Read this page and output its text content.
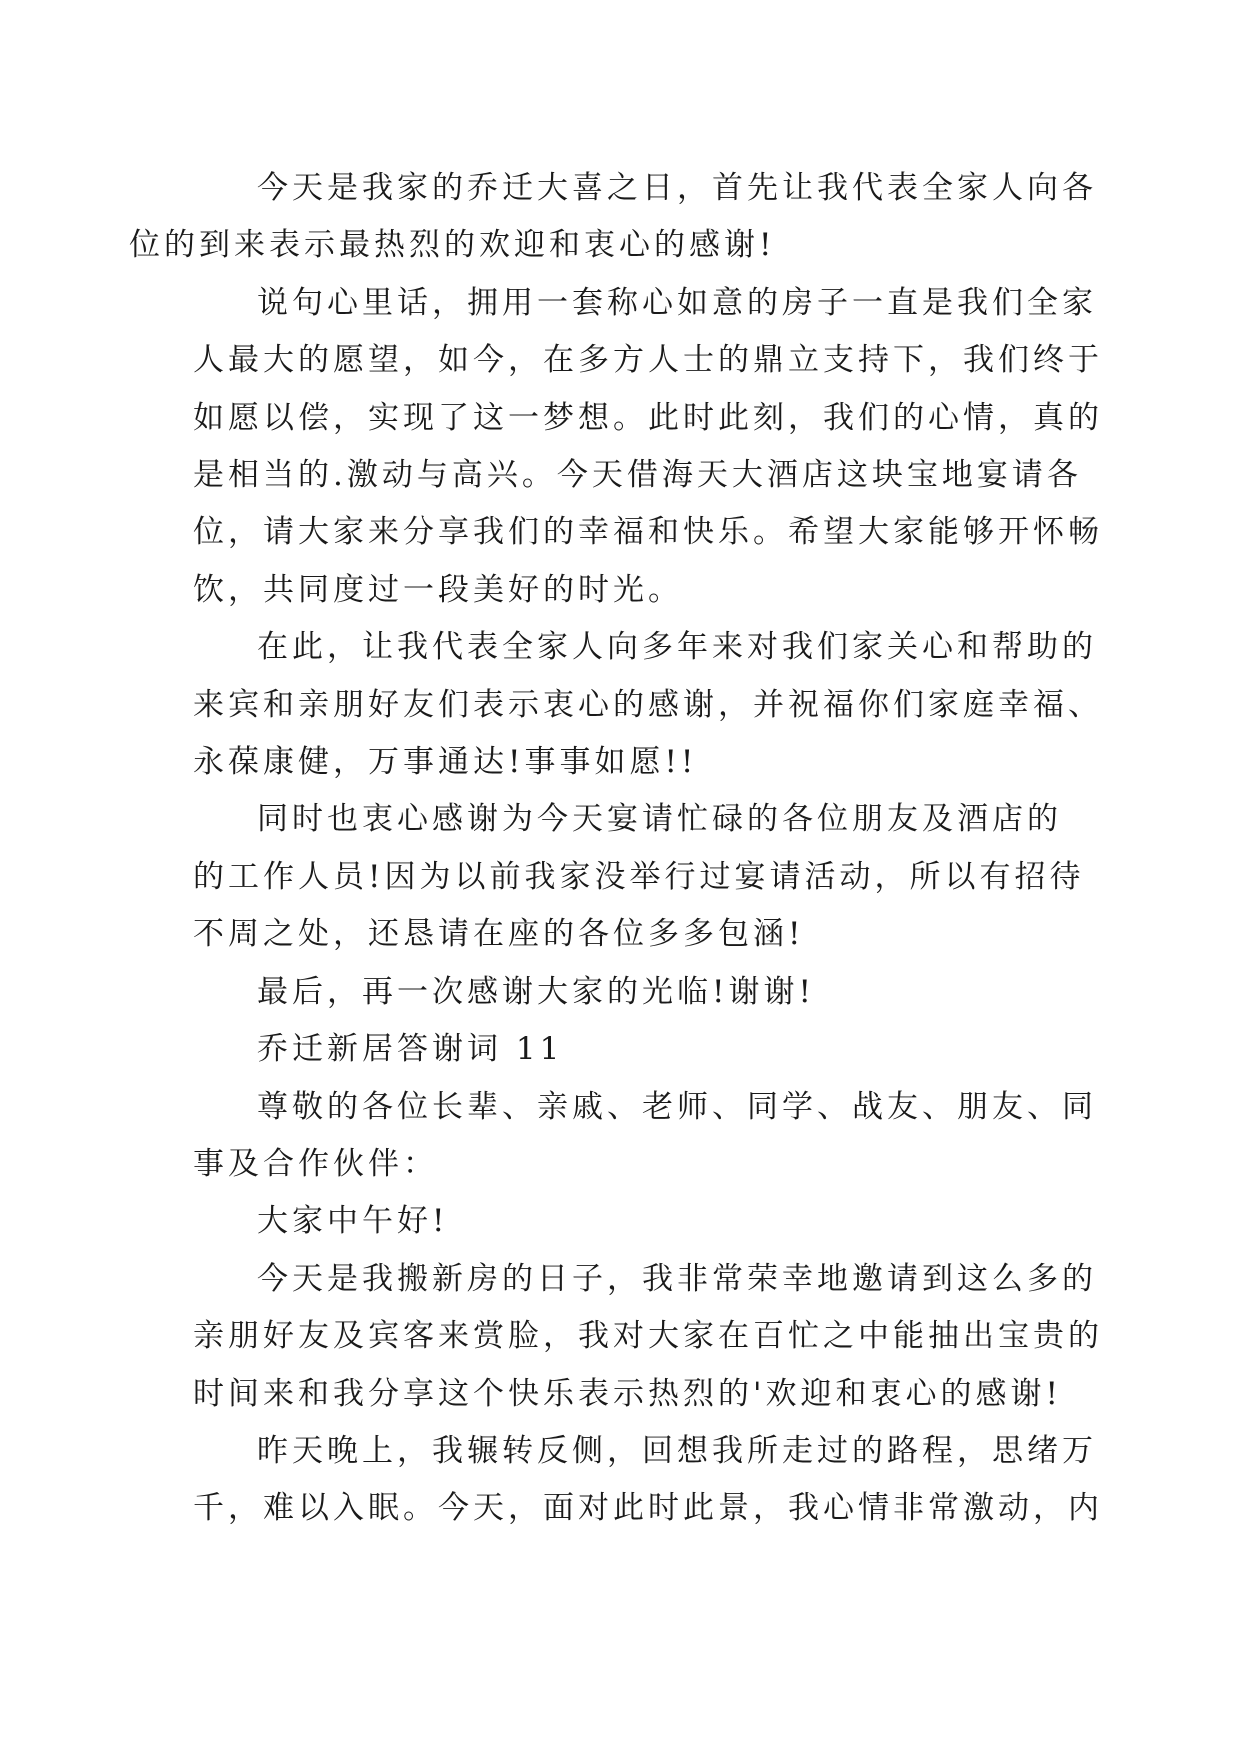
今天是我家的乔迁大喜之日，首先让我代表全家人向各
位的到来表示最热烈的欢迎和衷心的感谢!

说句心里话，拥用一套称心如意的房子一直是我们全家
人最大的愿望，如今，在多方人士的鼎立支持下，我们终于
如愿以偿，实现了这一梦想。此时此刻，我们的心情，真的
是相当的.激动与高兴。今天借海天大酒店这块宝地宴请各
位，请大家来分享我们的幸福和快乐。希望大家能够开怀畅
饮，共同度过一段美好的时光。

在此，让我代表全家人向多年来对我们家关心和帮助的
来宾和亲朋好友们表示衷心的感谢，并祝福你们家庭幸福、
永葆康健，万事通达!事事如愿!!

同时也衷心感谢为今天宴请忙碌的各位朋友及酒店的
的工作人员!因为以前我家没举行过宴请活动，所以有招待
不周之处，还恳请在座的各位多多包涵!

最后，再一次感谢大家的光临!谢谢!

乔迁新居答谢词 11

尊敬的各位长辈、亲戚、老师、同学、战友、朋友、同
事及合作伙伴：

大家中午好!

今天是我搬新房的日子，我非常荣幸地邀请到这么多的
亲朋好友及宾客来赏脸，我对大家在百忙之中能抽出宝贵的
时间来和我分享这个快乐表示热烈的'欢迎和衷心的感谢!

昨天晚上，我辗转反侧，回想我所走过的路程，思绪万
千，难以入眠。今天，面对此时此景，我心情非常激动，内
